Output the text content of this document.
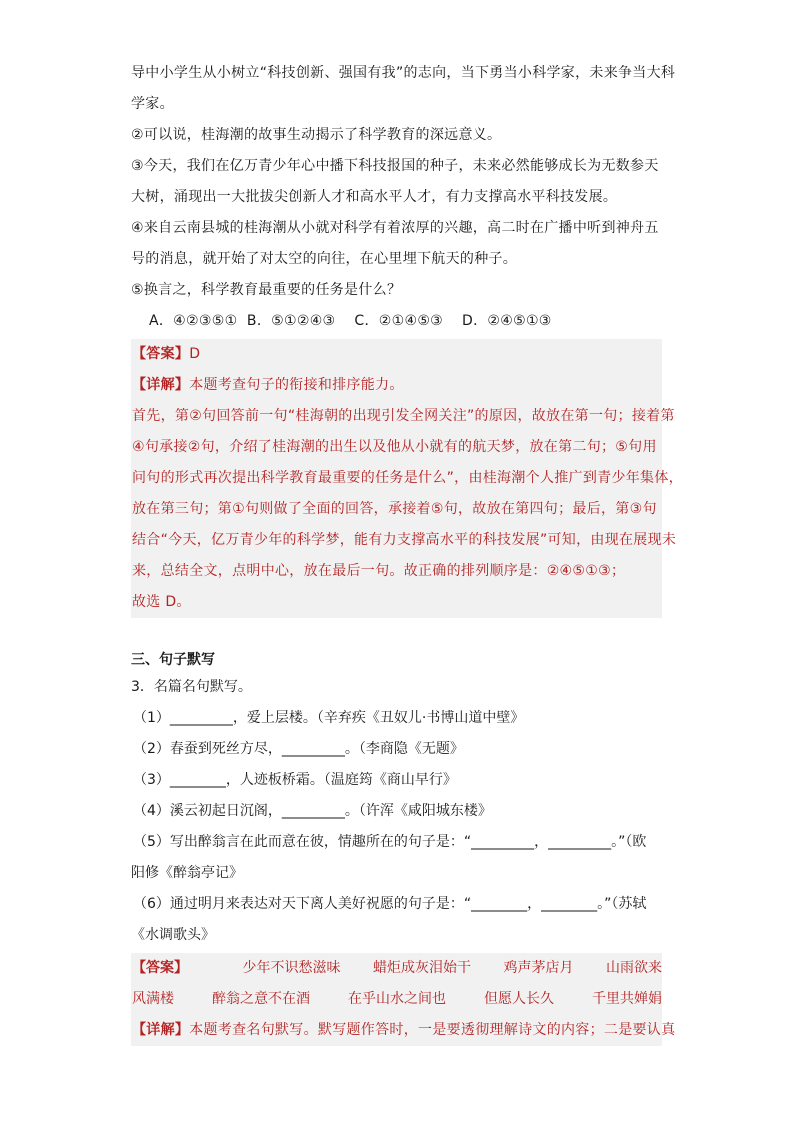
导中小学生从小树立“科技创新、强国有我”的志向，当下勇当小科学家，未来争当大科
学家。
②可以说，桂海潮的故事生动揭示了科学教育的深远意义。
③今天，我们在亿万青少年心中播下科技报国的种子，未来必然能够成长为无数参天
大树，涌现出一大批拔尖创新人才和高水平人才，有力支撑高水平科技发展。
④来自云南县城的桂海潮从小就对科学有着浓厚的兴趣，高二时在广播中听到神舟五
号的消息，就开始了对太空的向往，在心里埋下航天的种子。
⑤换言之，科学教育最重要的任务是什么？
A．④②③⑤①  B．⑤①②④③    C．②①④⑤③    D．②④⑤①③
【答案】D
【详解】本题考查句子的衔接和排序能力。
首先，第②句回答前一句“桂海朝的出现引发全网关注”的原因，故放在第一句；接着第
④句承接②句，介绍了桂海潮的出生以及他从小就有的航天梦，放在第二句；⑤句用
问句的形式再次提出科学教育最重要的任务是什么”，由桂海潮个人推广到青少年集体，
放在第三句；第①句则做了全面的回答，承接着⑤句，故放在第四句；最后，第③句
结合“今天，亿万青少年的科学梦，能有力支撑高水平的科技发展”可知，由现在展现未
来，总结全文，点明中心，放在最后一句。故正确的排列顺序是：②④⑤①③；
故选 D。
三、句子默写
3．名篇名句默写。
（1）_________，爱上层楼。（辛弃疾《丑奴儿·书博山道中壁》
（2）春蚕到死丝方尽，_________。（李商隐《无题》
（3）________，人迹板桥霜。（温庭筠《商山早行》
（4）溪云初起日沉阁，_________。（许浑《咸阳城东楼》
（5）写出醉翁言在此而意在彼，情趣所在的句子是：“_________，_________。”（欧
阳修《醉翁亭记》
（6）通过明月来表达对天下离人美好祝愿的句子是：“________，________。”（苏轼
《水调歌头》
【答案】	少年不识愁滋味 蜡炬成灰泪始干 鸡声茅店月 山雨欲来
风满楼	醉翁之意不在酒	在乎山水之间也	但愿人长久	千里共婵娟
【详解】本题考查名句默写。默写题作答时，一是要透彻理解诗文的内容；二是要认真
